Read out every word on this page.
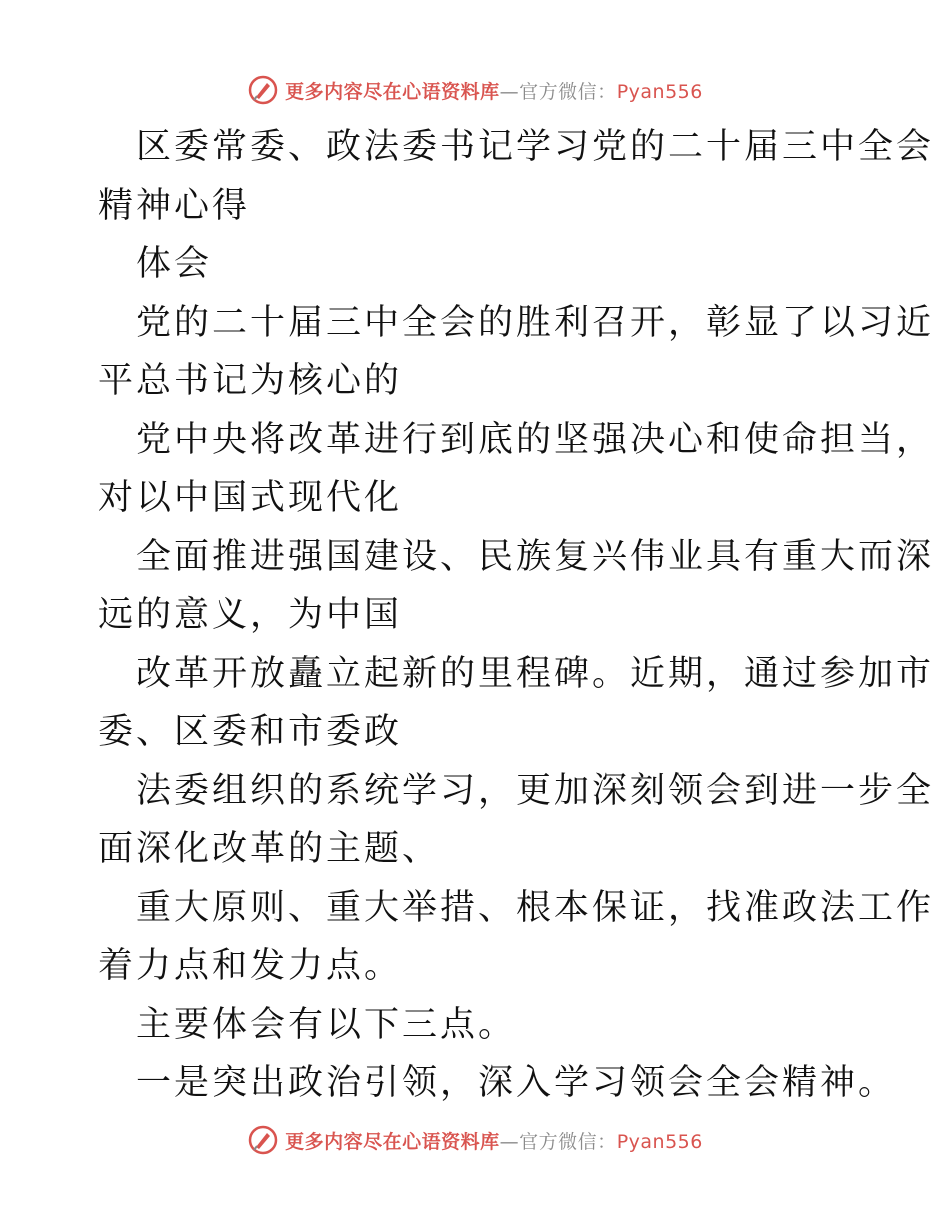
更多内容尽在心语资料库—官方微信：Pyan556
区委常委、政法委书记学习党的二十届三中全会
精神心得
体会
党的二十届三中全会的胜利召开，彰显了以习近
平总书记为核心的
党中央将改革进行到底的坚强决心和使命担当，
对以中国式现代化
全面推进强国建设、民族复兴伟业具有重大而深
远的意义，为中国
改革开放矗立起新的里程碑。近期，通过参加市
委、区委和市委政
法委组织的系统学习，更加深刻领会到进一步全
面深化改革的主题、
重大原则、重大举措、根本保证，找准政法工作
着力点和发力点。
主要体会有以下三点。
一是突出政治引领，深入学习领会全会精神。
更多内容尽在心语资料库—官方微信：Pyan556
